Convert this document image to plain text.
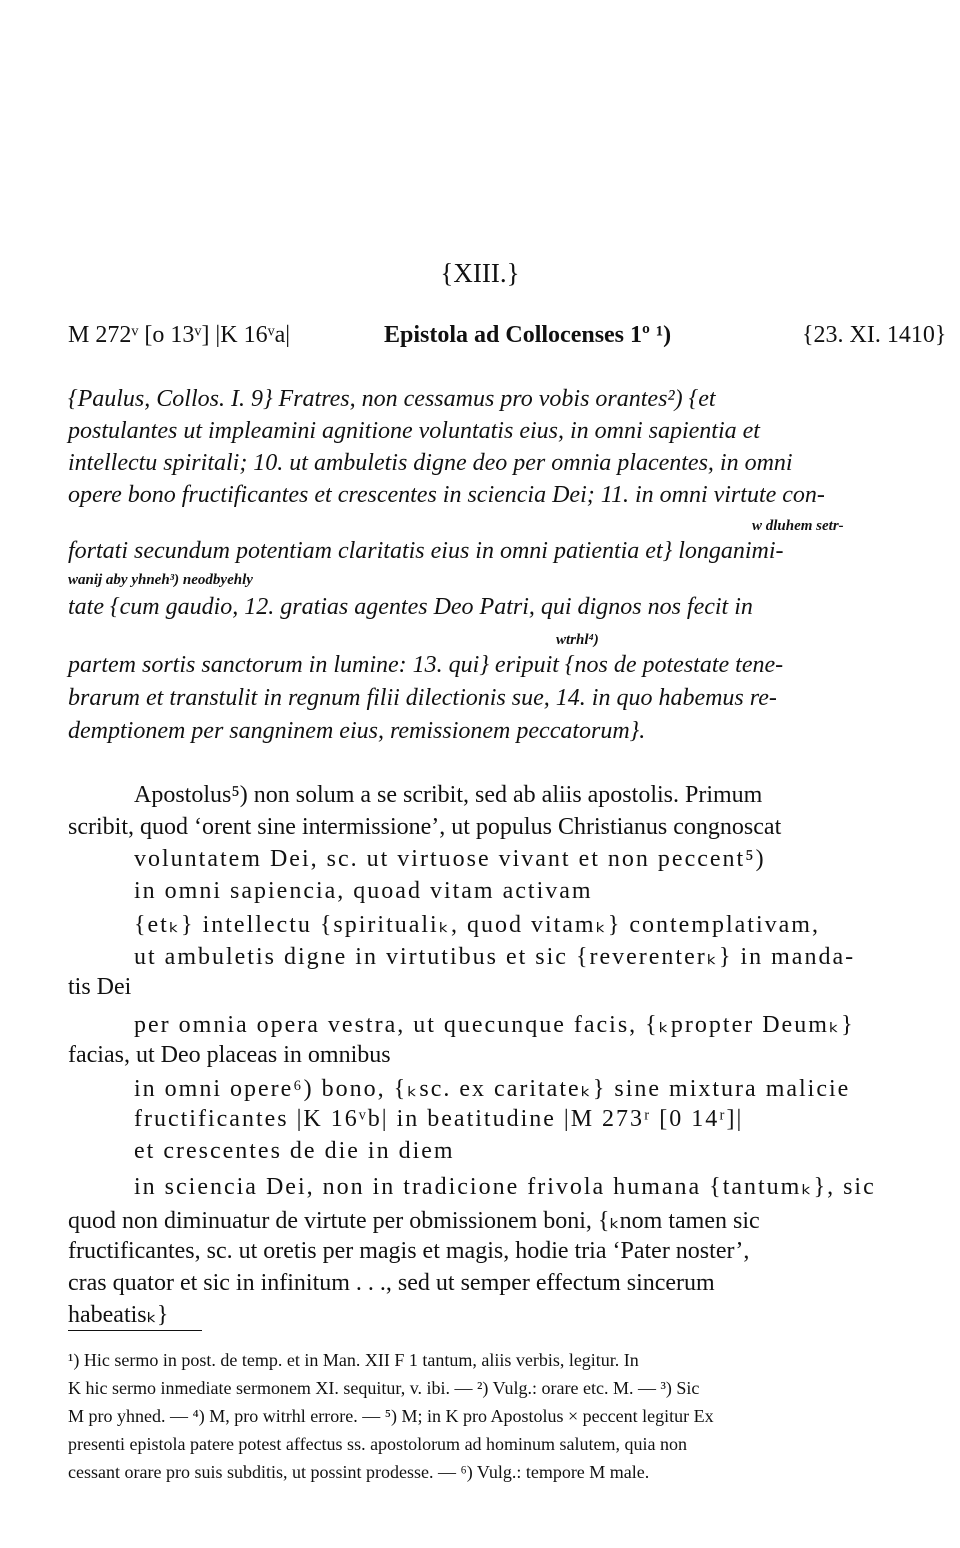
{XIII.}
M 272ᵛ [o 13ᵛ] |K 16ᵛa|	Epistola ad Collocenses 1º ¹)	{23. XI. 1410}
{Paulus, Collos. I. 9} Fratres, non cessamus pro vobis orantes²) {et
postulantes ut impleamini agnitione voluntatis eius, in omni sapientia et
intellectu spiritali; 10. ut ambuletis digne deo per omnia placentes, in omni
opere bono fructificantes et crescentes in sciencia Dei; 11. in omni virtute con-
w dluhem setr-
fortati secundum potentiam claritatis eius in omni patientia et} longanimi-
wanij aby yhneh³) neodbyehly
tate {cum gaudio, 12. gratias agentes Deo Patri, qui dignos nos fecit in
wtrhl⁴)
partem sortis sanctorum in lumine: 13. qui} eripuit {nos de potestate tene-
brarum et transtulit in regnum filii dilectionis sue, 14. in quo habemus re-
demptionem per sangninem eius, remissionem peccatorum}.
Apostolus⁵) non solum a se scribit, sed ab aliis apostolis. Primum
scribit, quod ‘orent sine intermissione’, ut populus Christianus congnoscat
voluntatem Dei, sc. ut virtuose vivant et non peccent⁵)
in omni sapiencia, quoad vitam activam
{etₖ} intellectu {spiritualiₖ, quod vitamₖ} contemplativam,
ut ambuletis digne in virtutibus et sic {reverenterₖ} in manda-
tis Dei
per omnia opera vestra, ut quecunque facis, {ₖpropter Deumₖ}
facias, ut Deo placeas in omnibus
in omni opere⁶) bono, {ₖsc. ex caritateₖ} sine mixtura malicie
fructificantes |K 16ᵛb| in beatitudine |M 273ʳ [0 14ʳ]|
et crescentes de die in diem
in sciencia Dei, non in tradicione frivola humana {tantumₖ}, sic
quod non diminuatur de virtute per obmissionem boni, {ₖnom tamen sic
fructificantes, sc. ut oretis per magis et magis, hodie tria ‘Pater noster’,
cras quator et sic in infinitum . . ., sed ut semper effectum sincerum
habeatisₖ}
¹) Hic sermo in post. de temp. et in Man. XII F 1 tantum, aliis verbis, legitur. In
K hic sermo inmediate sermonem XI. sequitur, v. ibi. — ²) Vulg.: orare etc. M. — ³) Sic
M pro yhned. — ⁴) M, pro witrhl errore. — ⁵) M; in K pro Apostolus × peccent legitur Ex
presenti epistola patere potest affectus ss. apostolorum ad hominum salutem, quia non
cessant orare pro suis subditis, ut possint prodesse. — ⁶) Vulg.: tempore M male.
